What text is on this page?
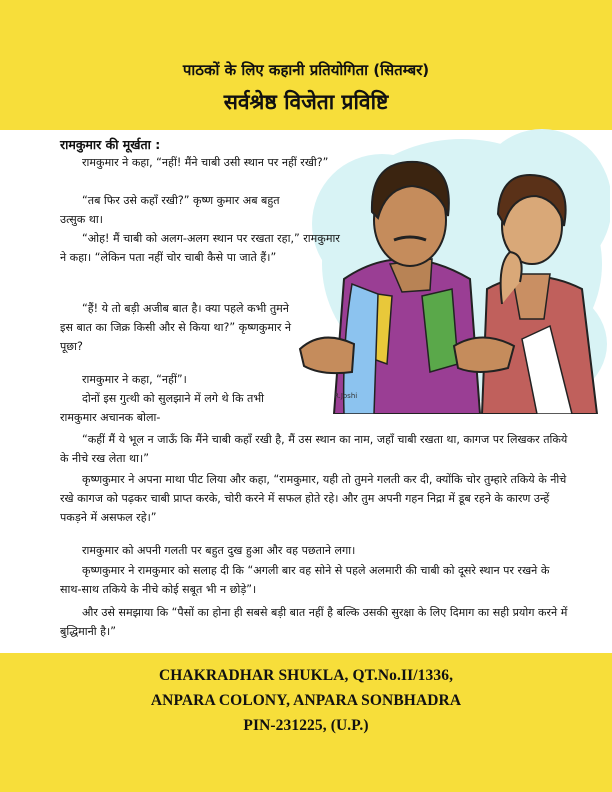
पाठकों के लिए कहानी प्रतियोगिता (सितम्बर)
सर्वश्रेष्ठ विजेता प्रविष्टि
रामकुमार की मूर्खता :
R.Joshi

रामकुमार ने कहा, “नहीं! मैंने चाबी उसी स्थान पर नहीं रखी?”

“तब फिर उसे कहाँ रखी?” कृष्ण कुमार अब बहुत उत्सुक था।

“ओह! मैं चाबी को अलग-अलग स्थान पर रखता रहा,” रामकुमार ने कहा। “लेकिन पता नहीं चोर चाबी कैसे पा जाते हैं।”

“हैं! ये तो बड़ी अजीब बात है। क्या पहले कभी तुमने इस बात का जिक्र किसी और से किया था?” कृष्णकुमार ने पूछा?

रामकुमार ने कहा, “नहीं”।

दोनों इस गुत्थी को सुलझाने में लगे थे कि तभी रामकुमार अचानक बोला-

“कहीं मैं ये भूल न जाऊँ कि मैंने चाबी कहाँ रखी है, मैं उस स्थान का नाम, जहाँ चाबी रखता था, कागज पर लिखकर तकिये के नीचे रख लेता था।”

कृष्णकुमार ने अपना माथा पीट लिया और कहा, “रामकुमार, यही तो तुमने गलती कर दी, क्योंकि चोर तुम्हारे तकिये के नीचे रखे कागज को पढ़कर चाबी प्राप्त करके, चोरी करने में सफल होते रहे। और तुम अपनी गहन निद्रा में डूब रहने के कारण उन्हें पकड़ने में असफल रहे।”

रामकुमार को अपनी गलती पर बहुत दुख हुआ और वह पछताने लगा।

कृष्णकुमार ने रामकुमार को सलाह दी कि “अगली बार वह सोने से पहले अलमारी की चाबी को दूसरे स्थान पर रखने के साथ-साथ तकिये के नीचे कोई सबूत भी न छोड़े”।

और उसे समझाया कि “पैसों का होना ही सबसे बड़ी बात नहीं है बल्कि उसकी सुरक्षा के लिए दिमाग का सही प्रयोग करने में बुद्धिमानी है।”

CHAKRADHAR SHUKLA, QT.No.II/1336,
ANPARA COLONY, ANPARA SONBHADRA
PIN-231225, (U.P.)
